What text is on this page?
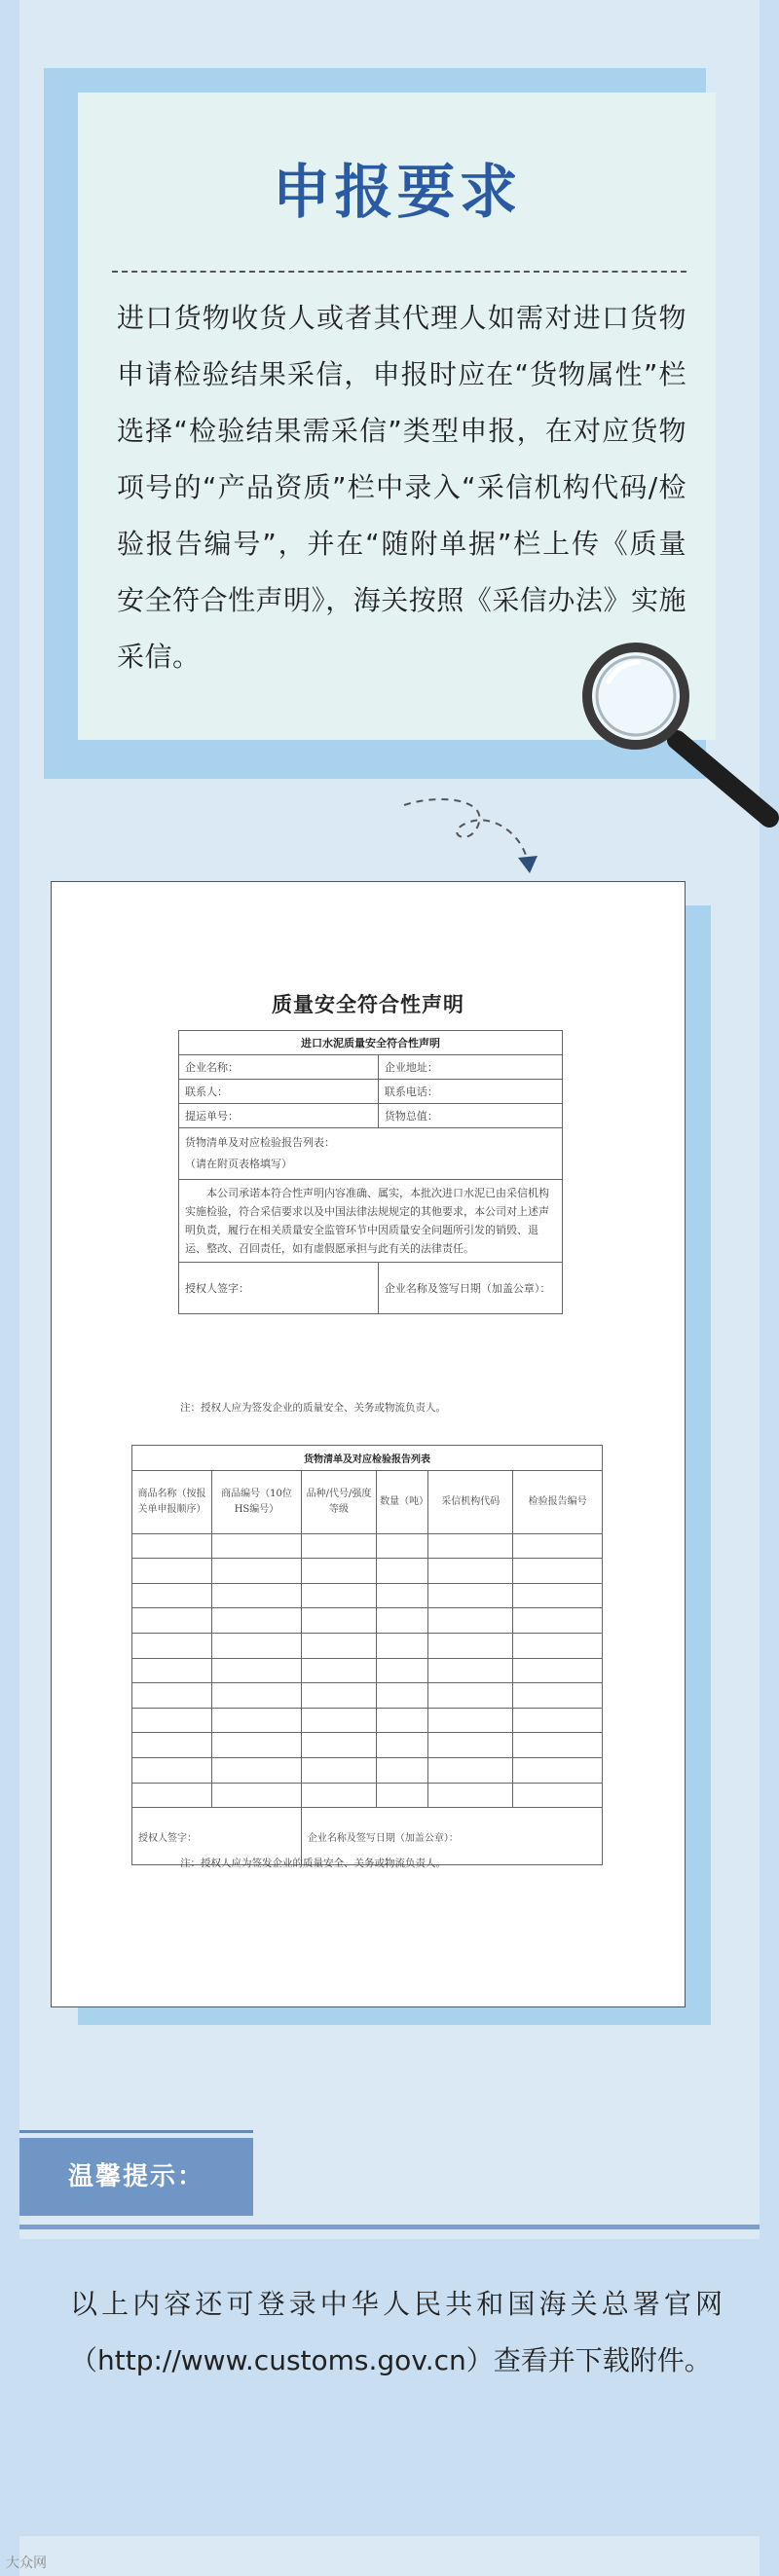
申报要求
进口货物收货人或者其代理人如需对进口货物申请检验结果采信，申报时应在“货物属性”栏选择“检验结果需采信”类型申报，在对应货物项号的“产品资质”栏中录入“采信机构代码/检验报告编号”，并在“随附单据”栏上传《质量安全符合性声明》，海关按照《采信办法》实施采信。
质量安全符合性声明
进口水泥质量安全符合性声明	
企业名称：	企业地址：
联系人：	联系电话：
提运单号：	货物总值：

货物清单及对应检验报告列表：
（请在附页表格填写）	

本公司承诺本符合性声明内容准确、属实，本批次进口水泥已由采信机构实施检验，符合采信要求以及中国法律法规规定的其他要求，本公司对上述声明负责，履行在相关质量安全监管环节中因质量安全问题所引发的销毁、退运、整改、召回责任，如有虚假愿承担与此有关的法律责任。	
授权人签字：	企业名称及签写日期（加盖公章）：
注：授权人应为签发企业的质量安全、关务或物流负责人。
货物清单及对应检验报告列表					
商品名称（按报关单申报顺序）	商品编号（10位HS编号）	品种/代号/强度等级	数量（吨）	采信机构代码	检验报告编号

授权人签字：		企业名称及签写日期（加盖公章）：			
注：授权人应为签发企业的质量安全、关务或物流负责人。
温馨提示：
以上内容还可登录中华人民共和国海关总署官网（http://www.customs.gov.cn）查看并下载附件。
大众网
